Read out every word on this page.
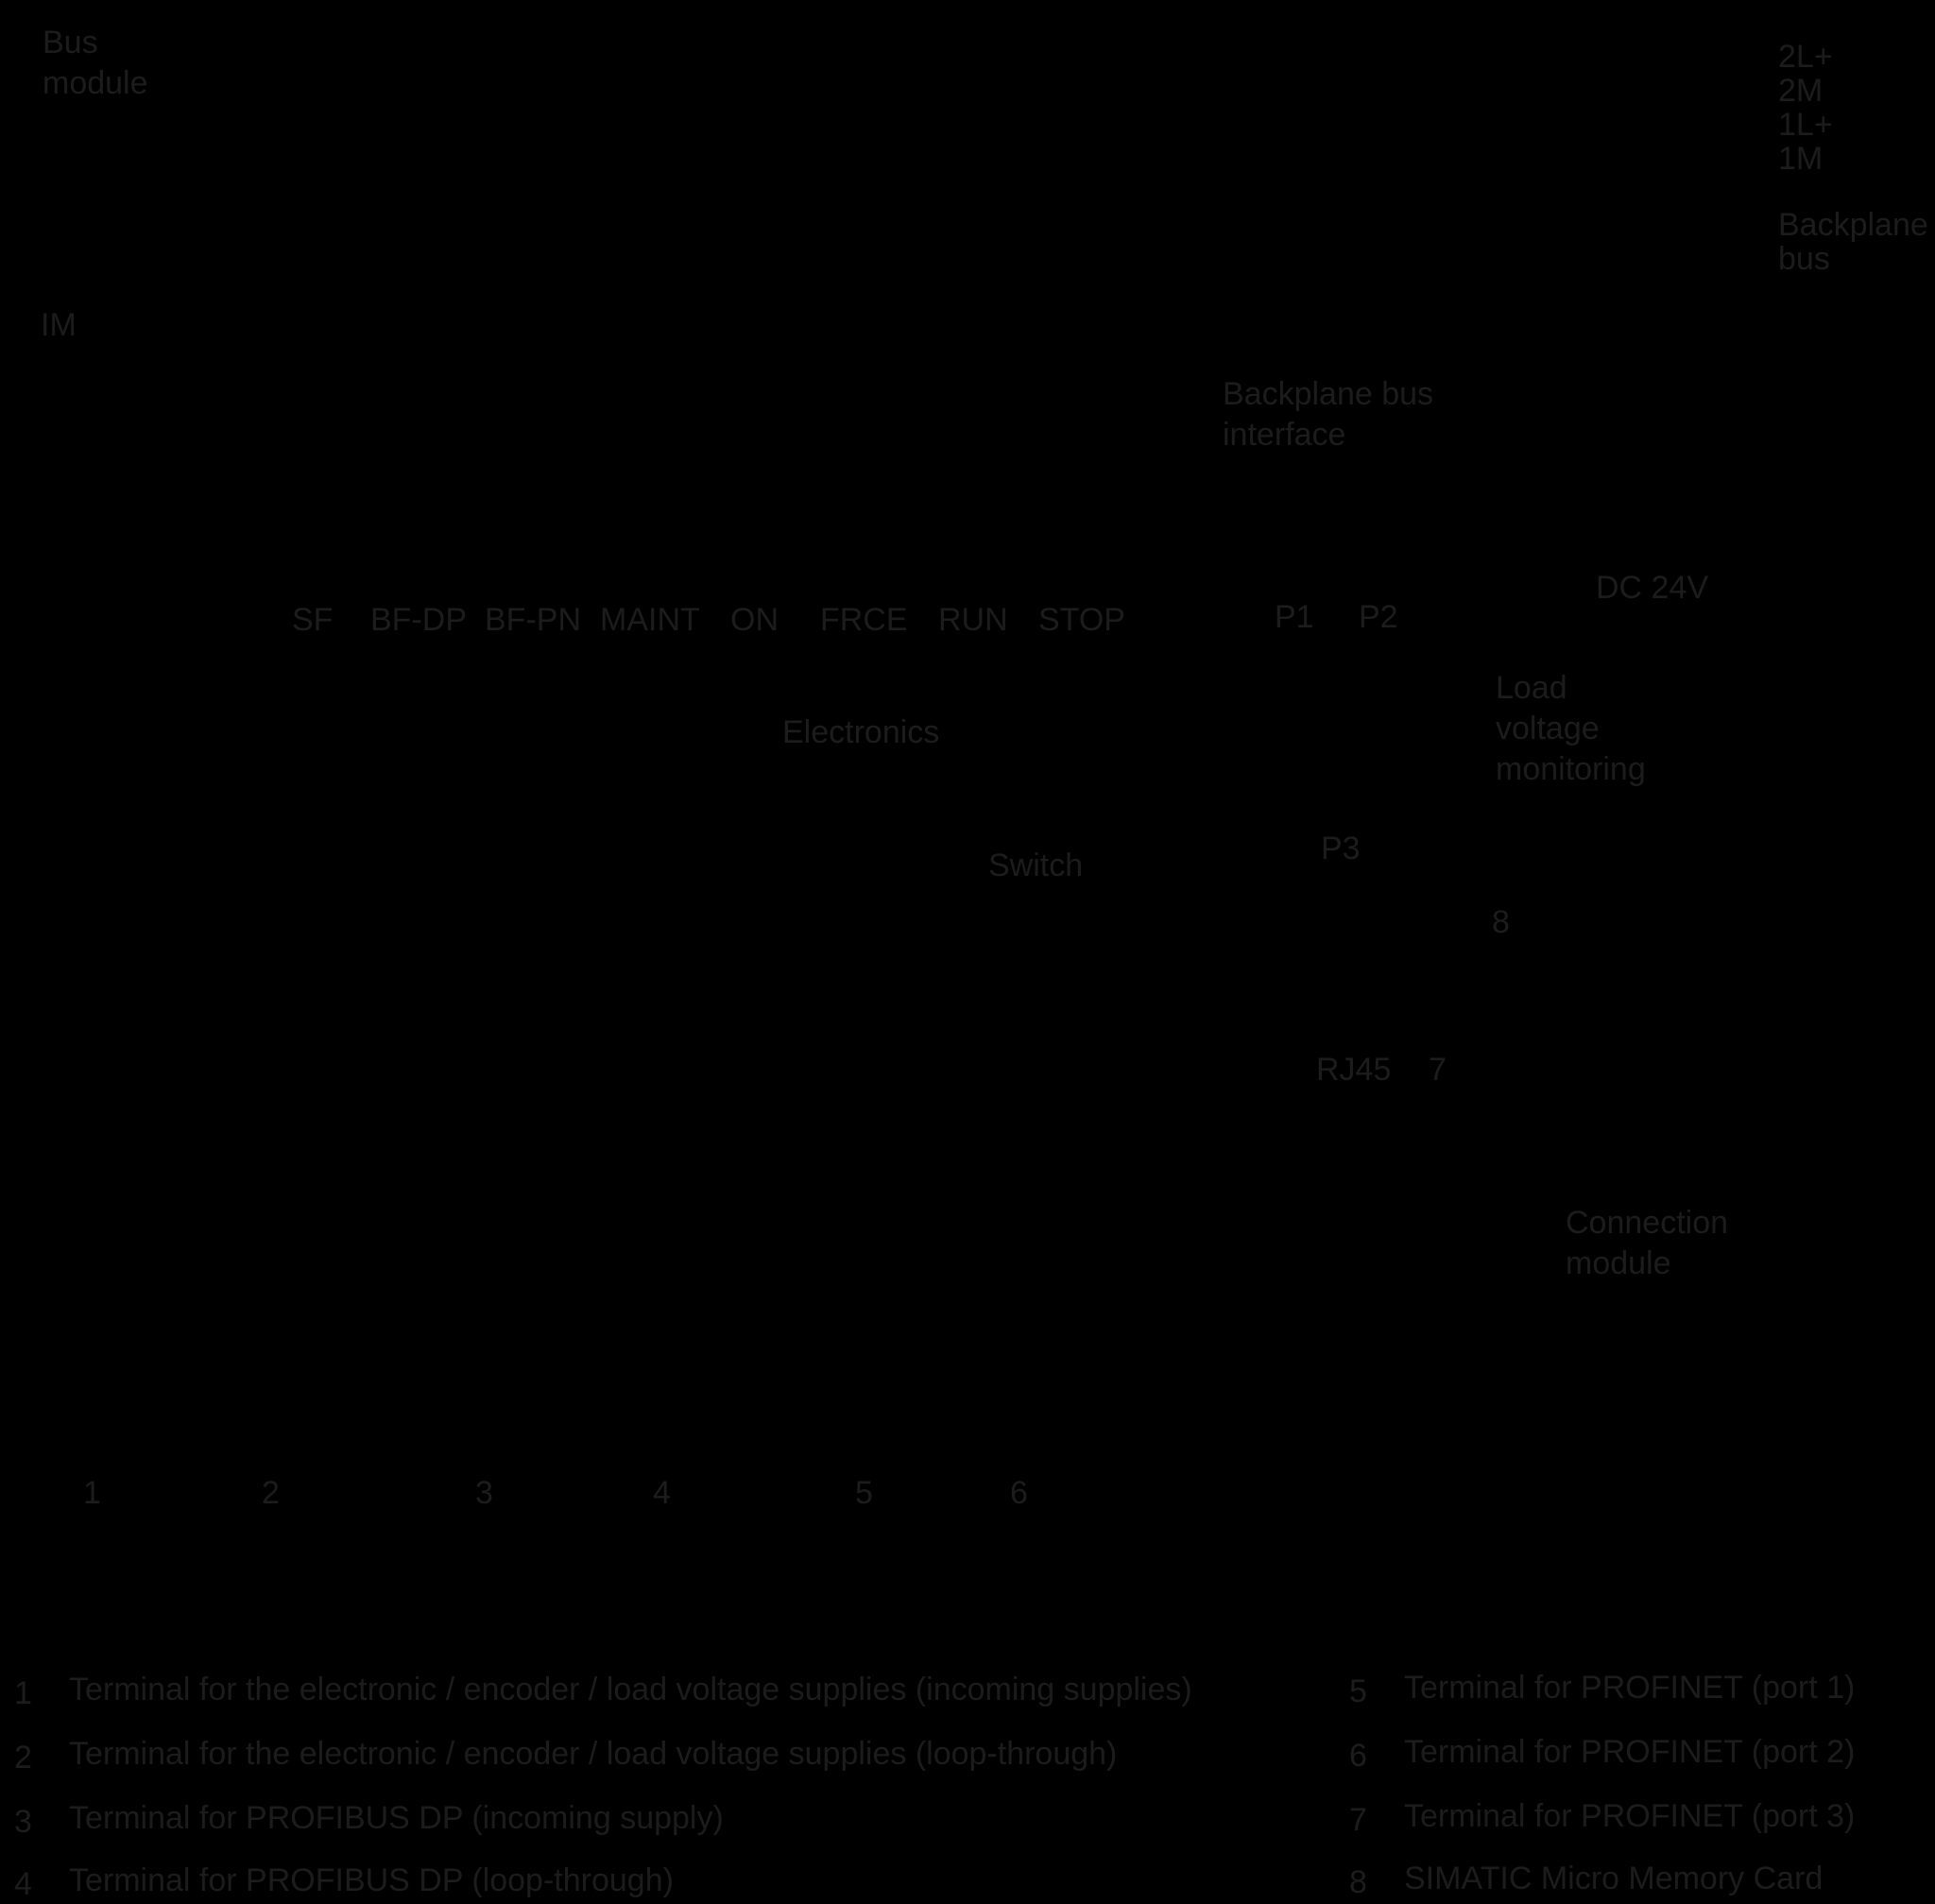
Bus
module
IM
2L+
2M
1L+
1M
Backplane
bus
Backplane bus
interface
Electronics
Switch
DC 24V
Load
voltage
monitoring
Connection
module
P1 P2
P3
RJ45 7
8
SF BF-DP BF-PN MAINT ON FRCE RUN STOP
1	2	3	4	5	6
1 Terminal for the electronic / encoder / load voltage supplies (incoming supplies)
2 Terminal for the electronic / encoder / load voltage supplies (loop-through)
3 Terminal for PROFIBUS DP (incoming supply)
4 Terminal for PROFIBUS DP (loop-through)
5 Terminal for PROFINET (port 1)
6 Terminal for PROFINET (port 2)
7 Terminal for PROFINET (port 3)
8 SIMATIC Micro Memory Card
